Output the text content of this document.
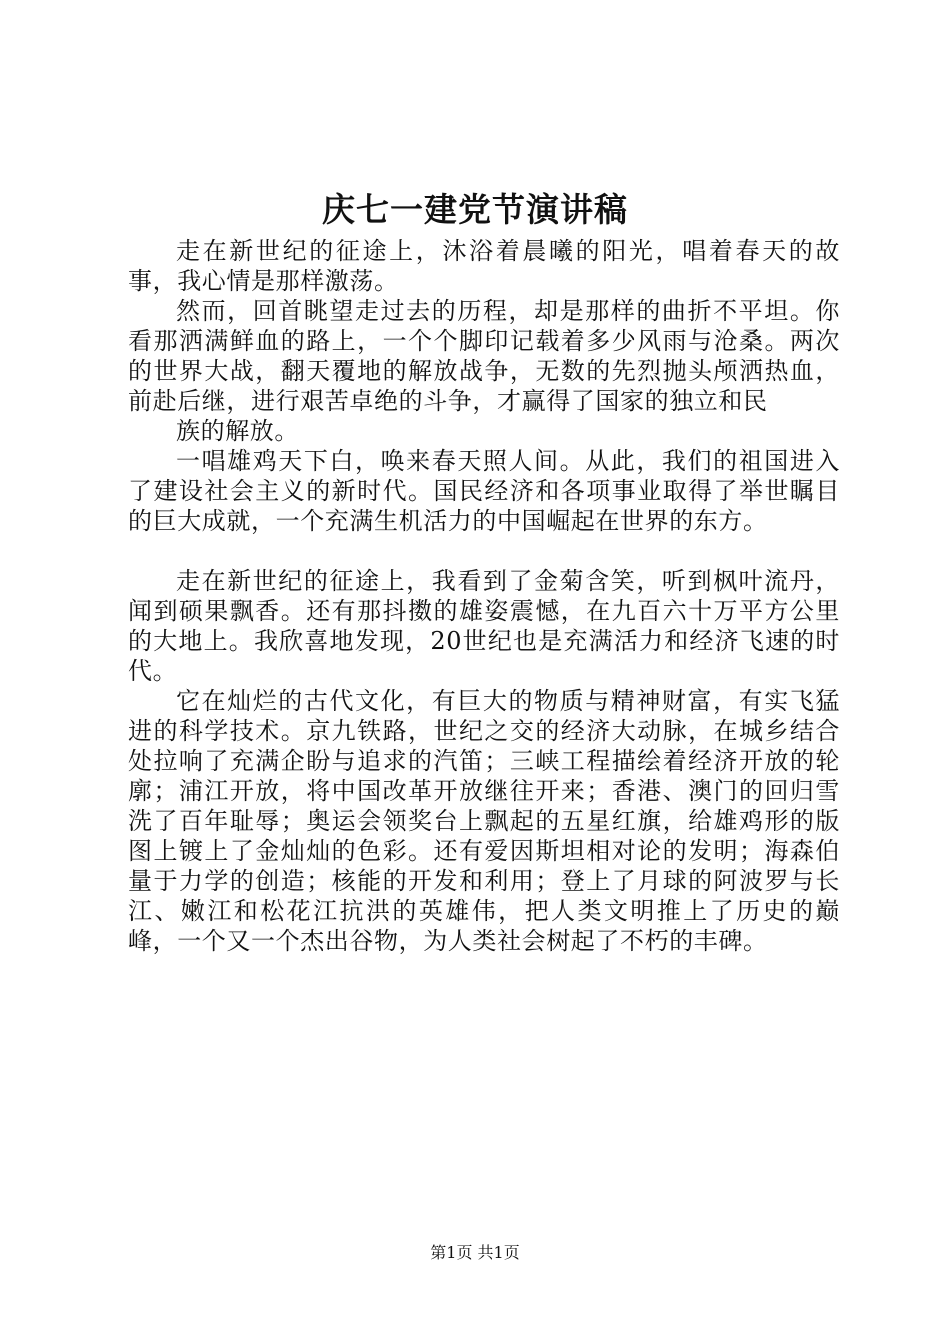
庆七一建党节演讲稿

走在新世纪的征途上，沐浴着晨曦的阳光，唱着春天的故事，我心情是那样激荡。

然而，回首眺望走过去的历程，却是那样的曲折不平坦。你看那洒满鲜血的路上，一个个脚印记载着多少风雨与沧桑。两次的世界大战，翻天覆地的解放战争，无数的先烈抛头颅洒热血，前赴后继，进行艰苦卓绝的斗争，才赢得了国家的独立和民

族的解放。

一唱雄鸡天下白，唤来春天照人间。从此，我们的祖国进入了建设社会主义的新时代。国民经济和各项事业取得了举世瞩目的巨大成就，一个充满生机活力的中国崛起在世界的东方。

走在新世纪的征途上，我看到了金菊含笑，听到枫叶流丹，闻到硕果飘香。还有那抖擞的雄姿震憾，在九百六十万平方公里的大地上。我欣喜地发现，20世纪也是充满活力和经济飞速的时代。

它在灿烂的古代文化，有巨大的物质与精神财富，有实飞猛进的科学技术。京九铁路，世纪之交的经济大动脉，在城乡结合处拉响了充满企盼与追求的汽笛；三峡工程描绘着经济开放的轮廓；浦江开放，将中国改革开放继往开来；香港、澳门的回归雪洗了百年耻辱；奥运会领奖台上飘起的五星红旗，给雄鸡形的版图上镀上了金灿灿的色彩。还有爱因斯坦相对论的发明；海森伯量于力学的创造；核能的开发和利用；登上了月球的阿波罗与长江、嫩江和松花江抗洪的英雄伟，把人类文明推上了历史的巅峰，一个又一个杰出谷物，为人类社会树起了不朽的丰碑。

第1页 共1页
